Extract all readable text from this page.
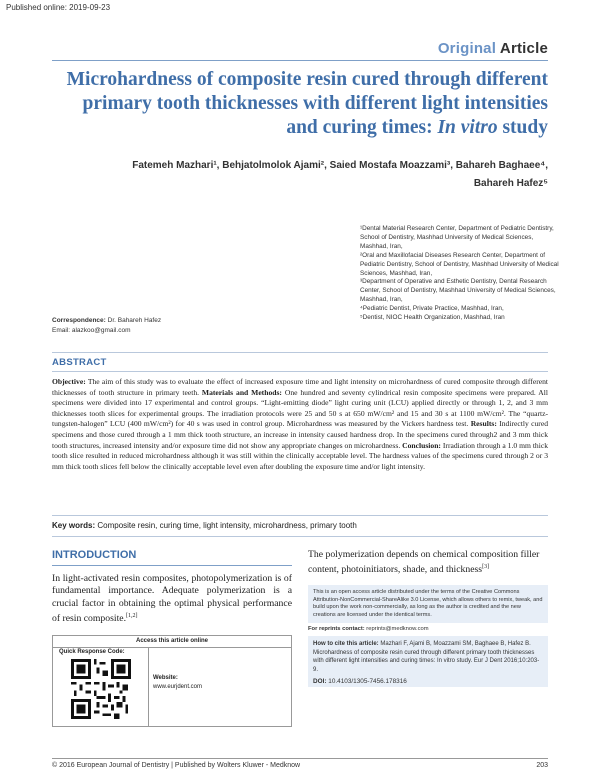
Published online: 2019-09-23
Original Article
Microhardness of composite resin cured through different primary tooth thicknesses with different light intensities and curing times: In vitro study
Fatemeh Mazhari¹, Behjatolmolok Ajami², Saied Mostafa Moazzami³, Bahareh Baghaee⁴,
Bahareh Hafez⁵
¹Dental Material Research Center, Department of Pediatric Dentistry, School of Dentistry, Mashhad University of Medical Sciences, Mashhad, Iran,
²Oral and Maxillofacial Diseases Research Center, Department of Pediatric Dentistry, School of Dentistry, Mashhad University of Medical Sciences, Mashhad, Iran,
³Department of Operative and Esthetic Dentistry, Dental Research Center, School of Dentistry, Mashhad University of Medical Sciences, Mashhad, Iran,
⁴Pediatric Dentist, Private Practice, Mashhad, Iran,
⁵Dentist, NIOC Health Organization, Mashhad, Iran
Correspondence: Dr. Bahareh Hafez
Email: alazkoo@gmail.com
ABSTRACT
Objective: The aim of this study was to evaluate the effect of increased exposure time and light intensity on microhardness of cured composite through different thicknesses of tooth structure in primary teeth. Materials and Methods: One hundred and seventy cylindrical resin composite specimens were prepared. All specimens were divided into 17 experimental and control groups. “Light-emitting diode” light curing unit (LCU) applied directly or through 1, 2, and 3 mm thicknesses tooth slices for experimental groups. The irradiation protocols were 25 and 50 s at 650 mW/cm² and 15 and 30 s at 1100 mW/cm². The “quartz-tungsten-halogen” LCU (400 mW/cm²) for 40 s was used in control group. Microhardness was measured by the Vickers hardness test. Results: Indirectly cured specimens and those cured through a 1 mm thick tooth structure, an increase in intensity caused hardness drop. In the specimens cured through2 and 3 mm thick tooth structures, increased intensity and/or exposure time did not show any appropriate changes on microhardness. Conclusion: Irradiation through a 1.0 mm thick tooth slice resulted in reduced microhardness although it was still within the clinically acceptable level. The hardness values of the specimens cured through 2 or 3 mm thick tooth slices fell below the clinically acceptable level even after doubling the exposure time and/or light intensity.
Key words: Composite resin, curing time, light intensity, microhardness, primary tooth
INTRODUCTION
In light-activated resin composites, photopolymerization is of fundamental importance. Adequate polymerization is a crucial factor in obtaining the optimal physical performance of resin composite.[1,2]
The polymerization depends on chemical composition filler content, photoinitiators, shade, and thickness[3]
This is an open access article distributed under the terms of the Creative Commons Attribution-NonCommercial-ShareAlike 3.0 License, which allows others to remix, tweak, and build upon the work non-commercially, as long as the author is credited and the new creations are licensed under the identical terms.
For reprints contact: reprints@medknow.com
How to cite this article: Mazhari F, Ajami B, Moazzami SM, Baghaee B, Hafez B. Microhardness of composite resin cured through different primary tooth thicknesses with different light intensities and curing times: In vitro study. Eur J Dent 2016;10:203-9.
DOI: 10.4103/1305-7456.178316
Access this article online
Quick Response Code:
Website:
www.eurjdent.com
© 2016 European Journal of Dentistry | Published by Wolters Kluwer - Medknow	203
